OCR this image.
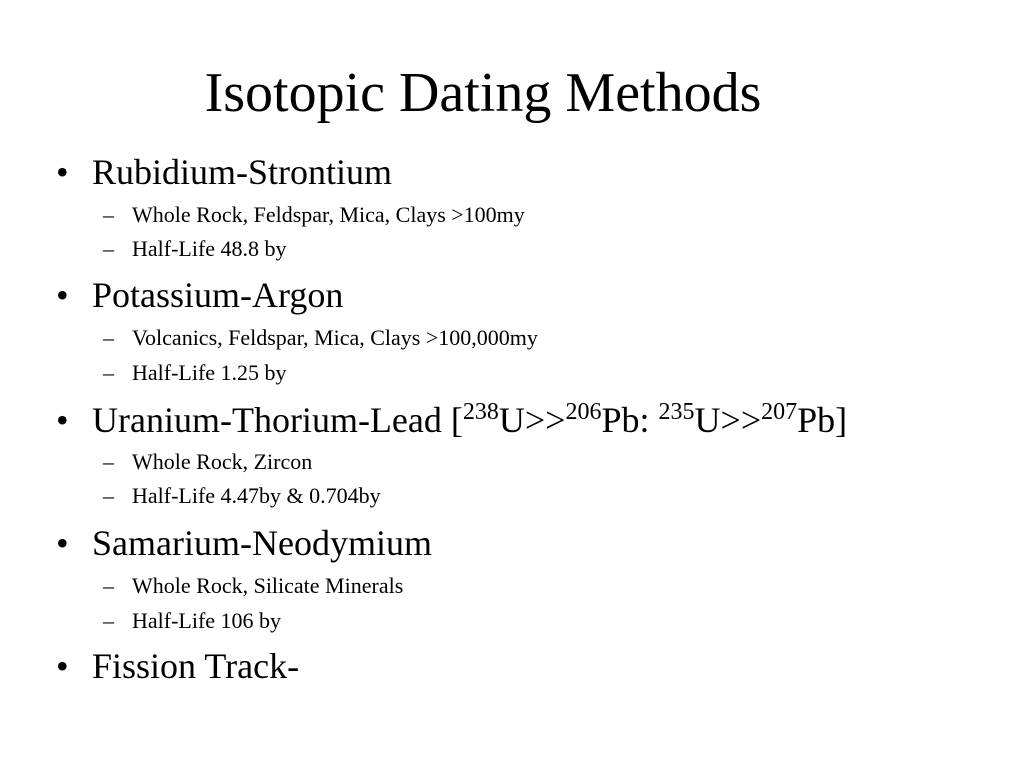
Isotopic Dating Methods
• Rubidium-Strontium
– Whole Rock, Feldspar, Mica, Clays >100my
– Half-Life 48.8 by
• Potassium-Argon
– Volcanics, Feldspar, Mica, Clays >100,000my
– Half-Life 1.25 by
• Uranium-Thorium-Lead [$^{238}$U>>$^{206}$Pb: $^{235}$U>>$^{207}$Pb]
– Whole Rock, Zircon
– Half-Life 4.47by & 0.704by
• Samarium-Neodymium
– Whole Rock, Silicate Minerals
– Half-Life 106 by
• Fission Track-
